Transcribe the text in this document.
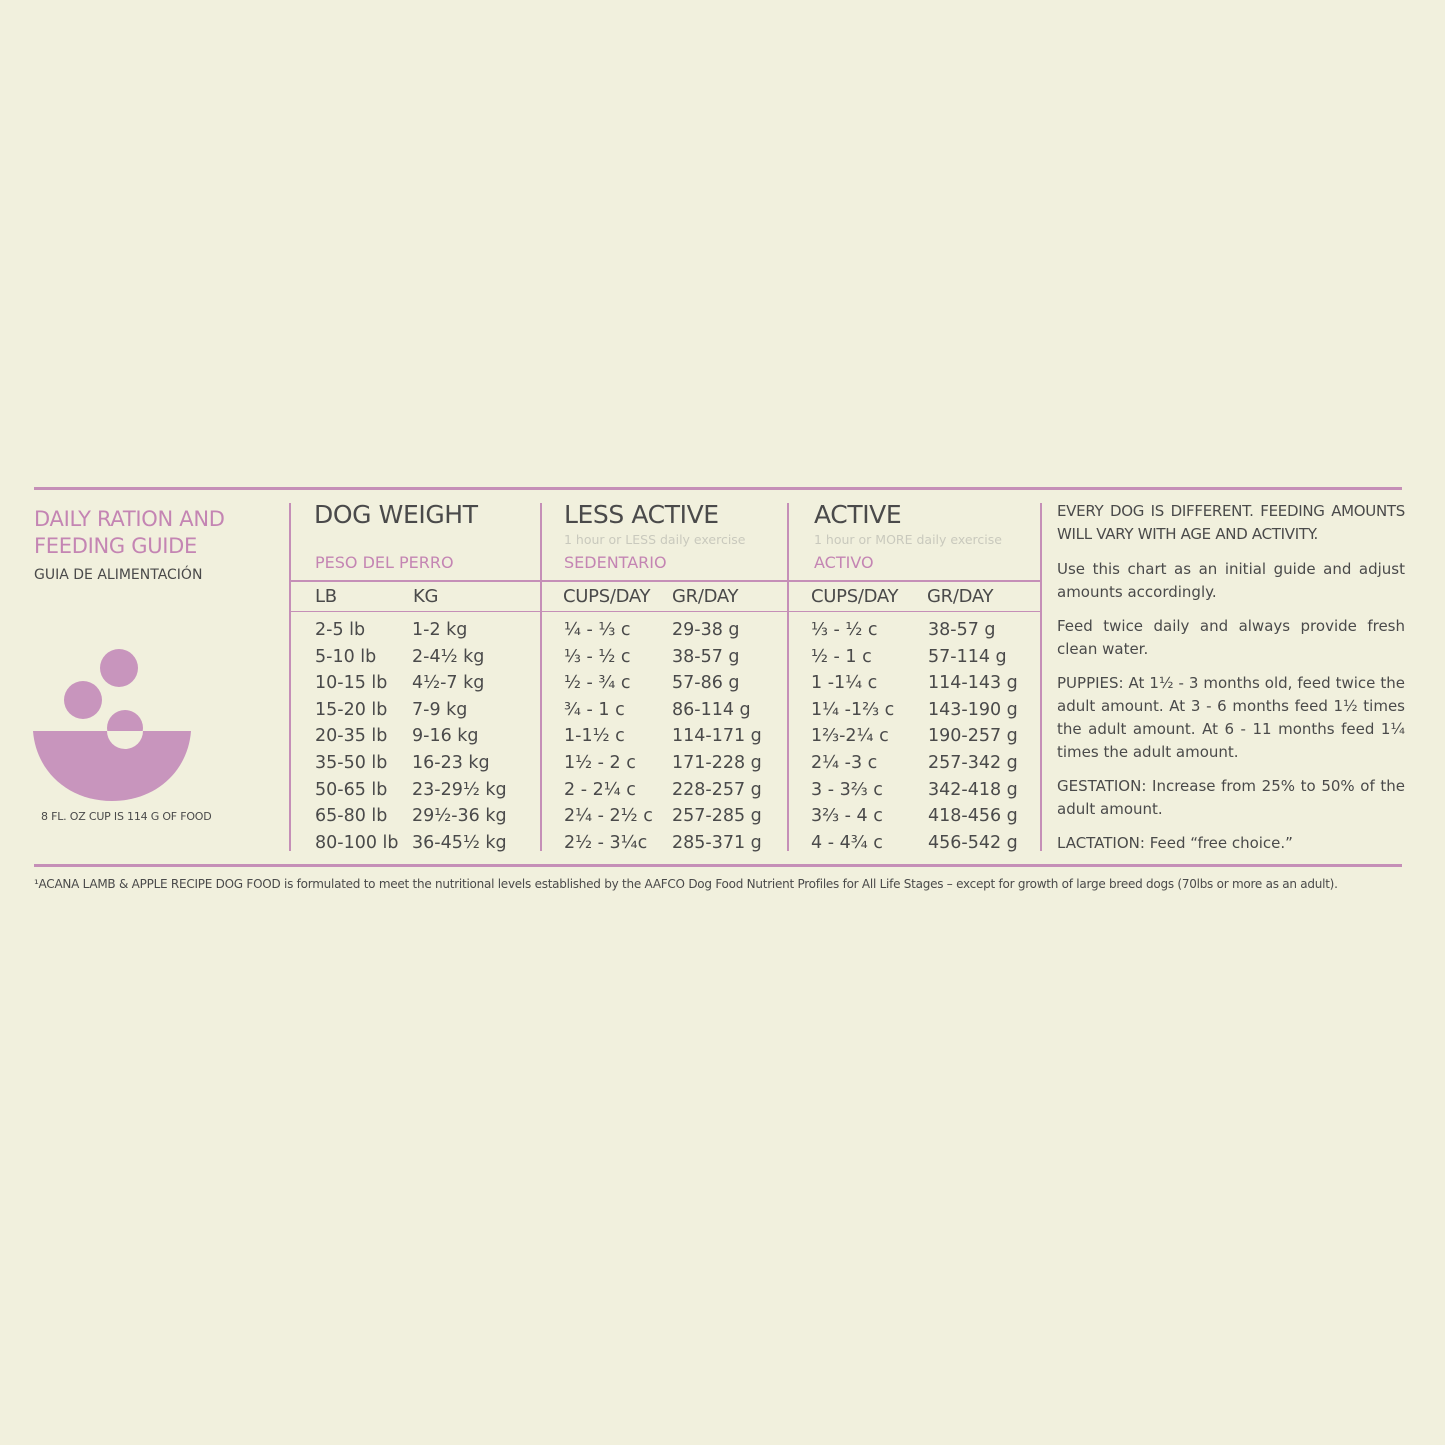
DAILY RATION AND FEEDING GUIDE
GUIA DE ALIMENTACIÓN
8 FL. OZ CUP IS 114 G OF FOOD
DOG WEIGHT
PESO DEL PERRO
LB	KG
LESS ACTIVE
1 hour or LESS daily exercise
SEDENTARIO
CUPS/DAY GR/DAY
ACTIVE
1 hour or MORE daily exercise
ACTIVO
CUPS/DAY GR/DAY
2-5 lb
5-10 lb
10-15 lb
15-20 lb
20-35 lb
35-50 lb
50-65 lb
65-80 lb
80-100 lb
1-2 kg
2-4½ kg
4½-7 kg
7-9 kg
9-16 kg
16-23 kg
23-29½ kg
29½-36 kg
36-45½ kg
¼ - ⅓ c
⅓ - ½ c
½ - ¾ c
¾ - 1 c
1-1½ c
1½ - 2 c
2 - 2¼ c
2¼ - 2½ c
2½ - 3¼c
29-38 g
38-57 g
57-86 g
86-114 g
114-171 g
171-228 g
228-257 g
257-285 g
285-371 g
⅓ - ½ c
½ - 1 c
1 -1¼ c
1¼ -1⅔ c
1⅔-2¼ c
2¼ -3 c
3 - 3⅔ c
3⅔ - 4 c
4 - 4¾ c
38-57 g
57-114 g
114-143 g
143-190 g
190-257 g
257-342 g
342-418 g
418-456 g
456-542 g

EVERY DOG IS DIFFERENT. FEEDING AMOUNTS WILL VARY WITH AGE AND ACTIVITY.

Use this chart as an initial guide and adjust amounts accordingly.

Feed twice daily and always provide fresh clean water.

PUPPIES: At 1½ - 3 months old, feed twice the adult amount. At 3 - 6 months feed 1½ times the adult amount. At 6 - 11 months feed 1¼ times the adult amount.

GESTATION: Increase from 25% to 50% of the adult amount.

LACTATION: Feed “free choice.”

¹ACANA LAMB & APPLE RECIPE DOG FOOD is formulated to meet the nutritional levels established by the AAFCO Dog Food Nutrient Profiles for All Life Stages – except for growth of large breed dogs (70lbs or more as an adult).
